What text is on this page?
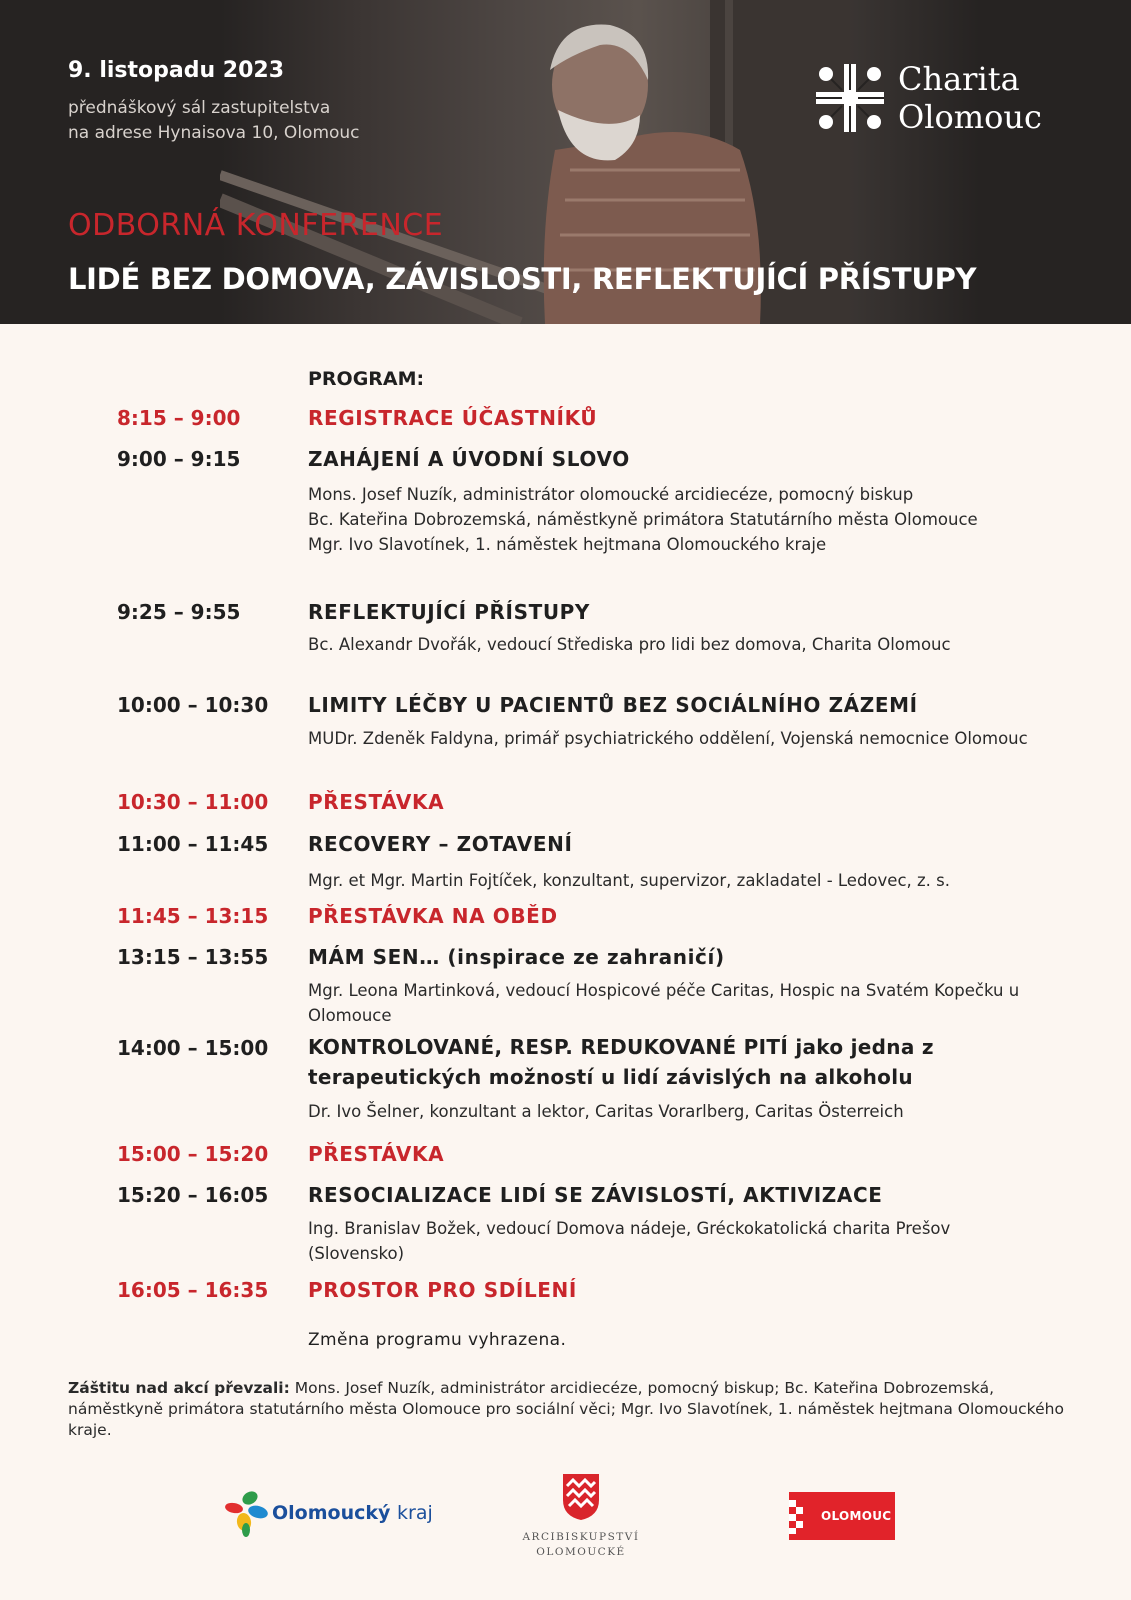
9. listopadu 2023
přednáškový sál zastupitelstva
na adrese Hynaisova 10, Olomouc
Charita
Olomouc
ODBORNÁ KONFERENCE
LIDÉ BEZ DOMOVA, ZÁVISLOSTI, REFLEKTUJÍCÍ PŘÍSTUPY
PROGRAM:
8:15 – 9:00	REGISTRACE ÚČASTNÍKŮ
9:00 – 9:15	ZAHÁJENÍ A ÚVODNÍ SLOVO
Mons. Josef Nuzík, administrátor olomoucké arcidiecéze, pomocný biskup
Bc. Kateřina Dobrozemská, náměstkyně primátora Statutárního města Olomouce
Mgr. Ivo Slavotínek, 1. náměstek hejtmana Olomouckého kraje
9:25 – 9:55	REFLEKTUJÍCÍ PŘÍSTUPY
Bc. Alexandr Dvořák, vedoucí Střediska pro lidi bez domova, Charita Olomouc
10:00 – 10:30 LIMITY LÉČBY U PACIENTŮ BEZ SOCIÁLNÍHO ZÁZEMÍ
MUDr. Zdeněk Faldyna, primář psychiatrického oddělení, Vojenská nemocnice Olomouc
10:30 – 11:00 PŘESTÁVKA
11:00 – 11:45 RECOVERY – ZOTAVENÍ
Mgr. et Mgr. Martin Fojtíček, konzultant, supervizor, zakladatel - Ledovec, z. s.
11:45 – 13:15 PŘESTÁVKA NA OBĚD
13:15 – 13:55 MÁM SEN… (inspirace ze zahraničí)
Mgr. Leona Martinková, vedoucí Hospicové péče Caritas, Hospic na Svatém Kopečku u Olomouce
14:00 – 15:00 KONTROLOVANÉ, RESP. REDUKOVANÉ PITÍ jako jedna z terapeutických možností u lidí závislých na alkoholu
Dr. Ivo Šelner, konzultant a lektor, Caritas Vorarlberg, Caritas Österreich
15:00 – 15:20 PŘESTÁVKA
15:20 – 16:05 RESOCIALIZACE LIDÍ SE ZÁVISLOSTÍ, AKTIVIZACE
Ing. Branislav Božek, vedoucí Domova nádeje, Gréckokatolická charita Prešov (Slovensko)
16:05 – 16:35 PROSTOR PRO SDÍLENÍ
Změna programu vyhrazena.
Záštitu nad akcí převzali: Mons. Josef Nuzík, administrátor arcidiecéze, pomocný biskup; Bc. Kateřina Dobrozemská, náměstkyně primátora statutárního města Olomouce pro sociální věci; Mgr. Ivo Slavotínek, 1. náměstek hejtmana Olomouckého kraje.
Olomoucký kraj
ARCIBISKUPSTVÍ
OLOMOUCKÉ
OLOMOUC
